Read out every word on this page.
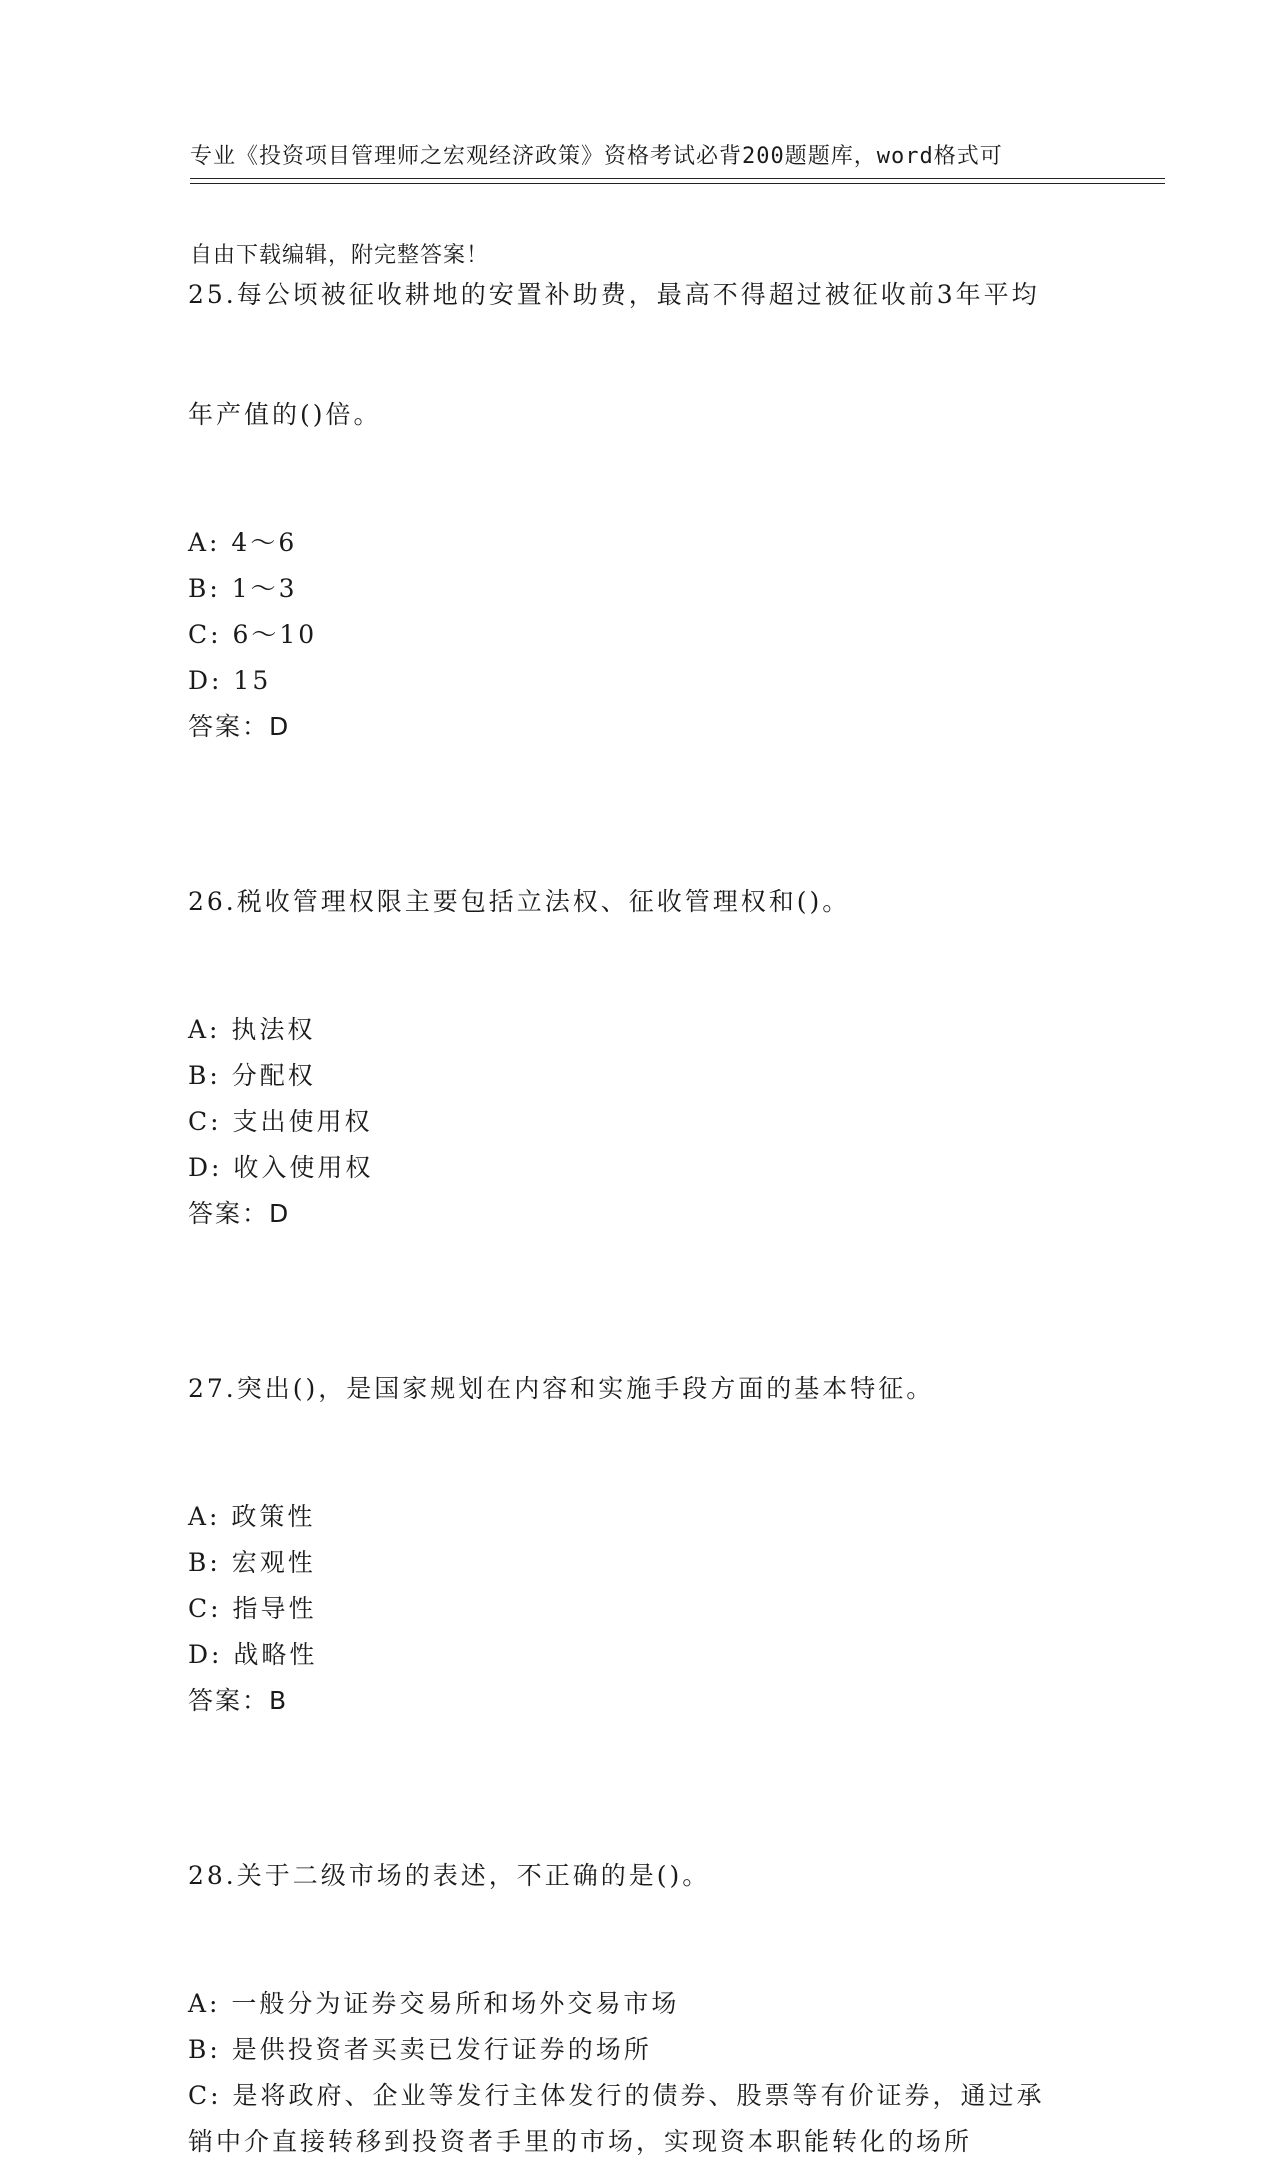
专业《投资项目管理师之宏观经济政策》资格考试必背200题题库，word格式可

自由下载编辑，附完整答案！

25.每公顷被征收耕地的安置补助费，最高不得超过被征收前3年平均

年产值的()倍。

A: 4～6
B: 1～3
C: 6～10
D: 15
答案：D

26.税收管理权限主要包括立法权、征收管理权和()。

A: 执法权
B: 分配权
C: 支出使用权
D: 收入使用权
答案：D

27.突出()，是国家规划在内容和实施手段方面的基本特征。

A: 政策性
B: 宏观性
C: 指导性
D: 战略性
答案：B

28.关于二级市场的表述，不正确的是()。

A: 一般分为证券交易所和场外交易市场
B: 是供投资者买卖已发行证券的场所
C: 是将政府、企业等发行主体发行的债券、股票等有价证券，通过承
销中介直接转移到投资者手里的市场，实现资本职能转化的场所
